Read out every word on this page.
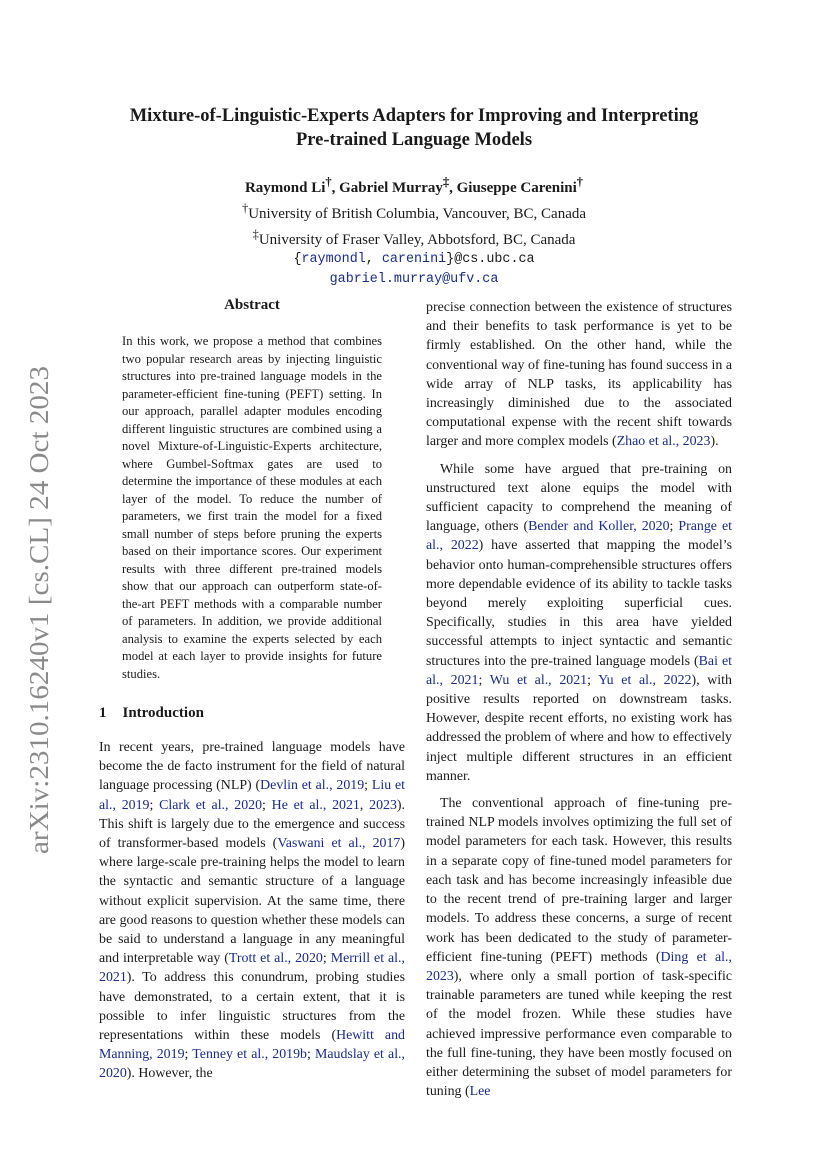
arXiv:2310.16240v1 [cs.CL] 24 Oct 2023
Mixture-of-Linguistic-Experts Adapters for Improving and Interpreting
Pre-trained Language Models
Raymond Li†, Gabriel Murray‡, Giuseppe Carenini†
†University of British Columbia, Vancouver, BC, Canada
‡University of Fraser Valley, Abbotsford, BC, Canada
{raymondl, carenini}@cs.ubc.ca
gabriel.murray@ufv.ca
Abstract
In this work, we propose a method that combines two popular research areas by injecting linguistic structures into pre-trained language models in the parameter-efficient fine-tuning (PEFT) setting. In our approach, parallel adapter modules encoding different linguistic structures are combined using a novel Mixture-of-Linguistic-Experts architecture, where Gumbel-Softmax gates are used to determine the importance of these modules at each layer of the model. To reduce the number of parameters, we first train the model for a fixed small number of steps before pruning the experts based on their importance scores. Our experiment results with three different pre-trained models show that our approach can outperform state-of-the-art PEFT methods with a comparable number of parameters. In addition, we provide additional analysis to examine the experts selected by each model at each layer to provide insights for future studies.
1 Introduction

In recent years, pre-trained language models have become the de facto instrument for the field of natural language processing (NLP) (Devlin et al., 2019; Liu et al., 2019; Clark et al., 2020; He et al., 2021, 2023). This shift is largely due to the emergence and success of transformer-based models (Vaswani et al., 2017) where large-scale pre-training helps the model to learn the syntactic and semantic structure of a language without explicit supervision. At the same time, there are good reasons to question whether these models can be said to understand a language in any meaningful and interpretable way (Trott et al., 2020; Merrill et al., 2021). To address this conundrum, probing studies have demonstrated, to a certain extent, that it is possible to infer linguistic structures from the representations within these models (Hewitt and Manning, 2019; Tenney et al., 2019b; Maudslay et al., 2020). However, the

precise connection between the existence of structures and their benefits to task performance is yet to be firmly established. On the other hand, while the conventional way of fine-tuning has found success in a wide array of NLP tasks, its applicability has increasingly diminished due to the associated computational expense with the recent shift towards larger and more complex models (Zhao et al., 2023).

While some have argued that pre-training on unstructured text alone equips the model with sufficient capacity to comprehend the meaning of language, others (Bender and Koller, 2020; Prange et al., 2022) have asserted that mapping the model’s behavior onto human-comprehensible structures offers more dependable evidence of its ability to tackle tasks beyond merely exploiting superficial cues. Specifically, studies in this area have yielded successful attempts to inject syntactic and semantic structures into the pre-trained language models (Bai et al., 2021; Wu et al., 2021; Yu et al., 2022), with positive results reported on downstream tasks. However, despite recent efforts, no existing work has addressed the problem of where and how to effectively inject multiple different structures in an efficient manner.

The conventional approach of fine-tuning pre-trained NLP models involves optimizing the full set of model parameters for each task. However, this results in a separate copy of fine-tuned model parameters for each task and has become increasingly infeasible due to the recent trend of pre-training larger and larger models. To address these concerns, a surge of recent work has been dedicated to the study of parameter-efficient fine-tuning (PEFT) methods (Ding et al., 2023), where only a small portion of task-specific trainable parameters are tuned while keeping the rest of the model frozen. While these studies have achieved impressive performance even comparable to the full fine-tuning, they have been mostly focused on either determining the subset of model parameters for tuning (Lee
